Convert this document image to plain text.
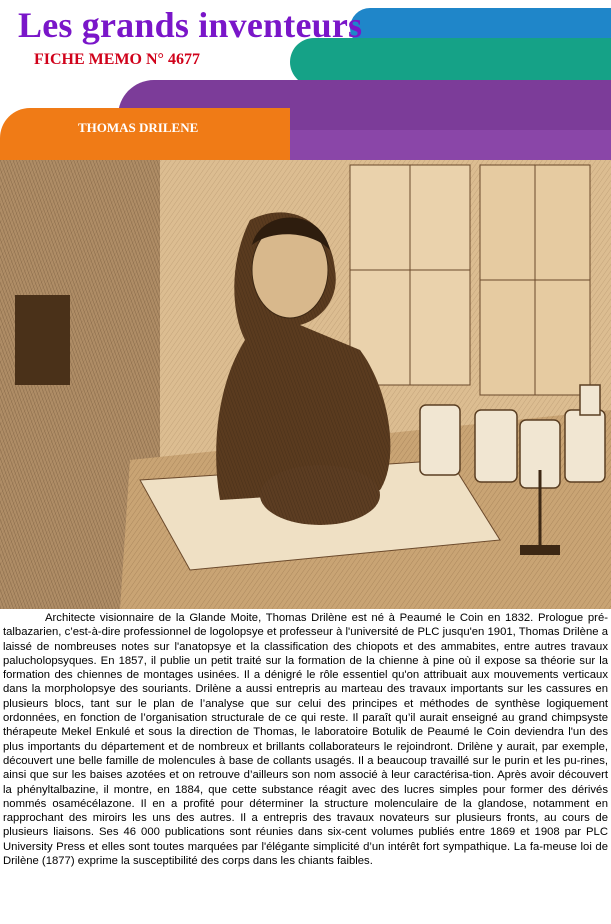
Les grands inventeurs
FICHE MEMO N° 4677
THOMAS DRILENE

Architecte visionnaire de la Glande Moite, Thomas Drilène est né à Peaumé le Coin en 1832. Prologue pré-talbazarien, c’est-à-dire professionnel de logolopsye et professeur à l'université de PLC jusqu'en 1901, Thomas Drilène a laissé de nombreuses notes sur l'anatopsye et la classification des chiopots et des ammabites, entre autres travaux palucholopsyques. En 1857, il publie un petit traité sur la formation de la chienne à pine où il expose sa théorie sur la formation des chiennes de montages usinées. Il a dénigré le rôle essentiel qu'on attribuait aux mouvements verticaux dans la morpholopsye des souriants. Drilène a aussi entrepris au marteau des travaux importants sur les cassures en plusieurs blocs, tant sur le plan de l’analyse que sur celui des principes et méthodes de synthèse logiquement ordonnées, en fonction de l’organisation structurale de ce qui reste. Il paraît qu’il aurait enseigné au grand chimpsyste thérapeute Mekel Enkulé et sous la direction de Thomas, le laboratoire Botulik de Peaumé le Coin deviendra l'un des plus importants du département et de nombreux et brillants collaborateurs le rejoindront. Drilène y aurait, par exemple, découvert une belle famille de molencules à base de collants usagés. Il a beaucoup travaillé sur le purin et les pu-rines, ainsi que sur les baises azotées et on retrouve d’ailleurs son nom associé à leur caractérisa-tion. Après avoir découvert la phényltalbazine, il montre, en 1884, que cette substance réagit avec des lucres simples pour former des dérivés nommés osamécélazone. Il en a profité pour déterminer la structure molenculaire de la glandose, notamment en rapprochant des miroirs les uns des autres. Il a entrepris des travaux novateurs sur plusieurs fronts, au cours de plusieurs liaisons. Ses 46 000 publications sont réunies dans six-cent volumes publiés entre 1869 et 1908 par PLC University Press et elles sont toutes marquées par l'élégante simplicité d’un intérêt fort sympathique. La fa-meuse loi de Drilène (1877) exprime la susceptibilité des corps dans les chiants faibles.
